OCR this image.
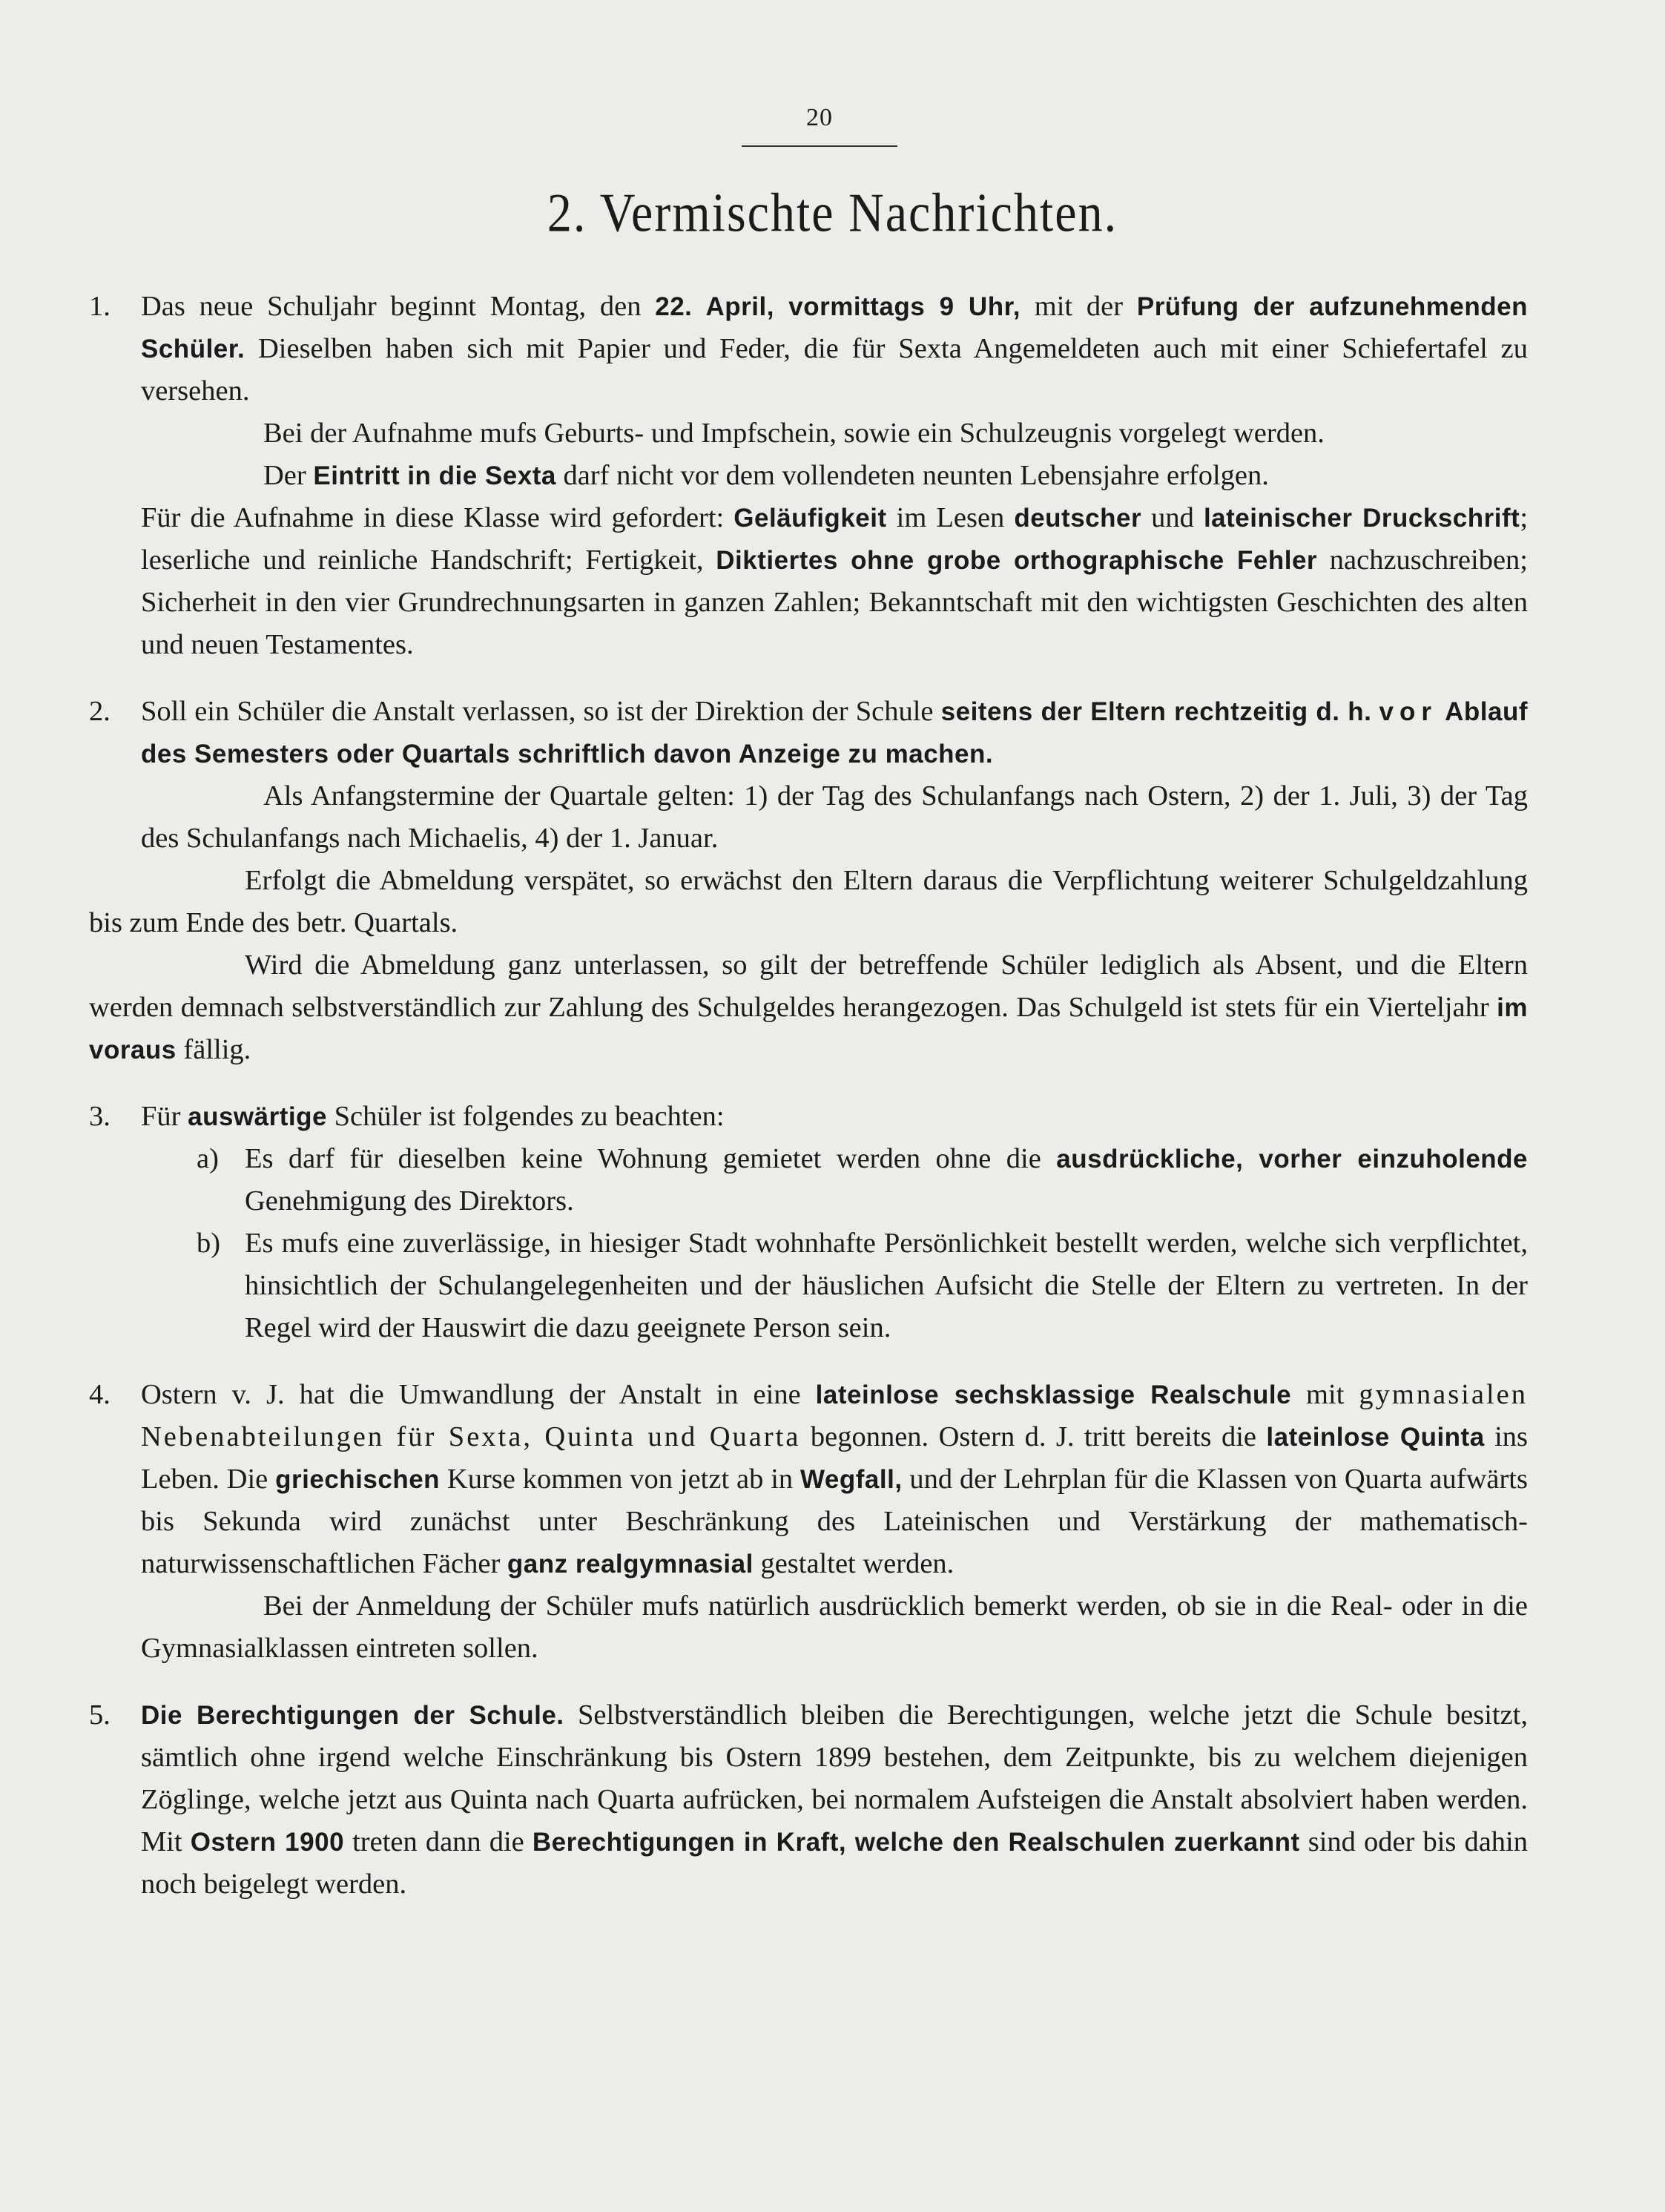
20
2. Vermischte Nachrichten.
1. Das neue Schuljahr beginnt Montag, den 22. April, vormittags 9 Uhr, mit der Prüfung der aufzunehmenden Schüler. Dieselben haben sich mit Papier und Feder, die für Sexta Angemeldeten auch mit einer Schiefertafel zu versehen.

Bei der Aufnahme mufs Geburts- und Impfschein, sowie ein Schulzeugnis vorgelegt werden.

Der Eintritt in die Sexta darf nicht vor dem vollendeten neunten Lebensjahre erfolgen.

Für die Aufnahme in diese Klasse wird gefordert: Geläufigkeit im Lesen deutscher und lateinischer Druckschrift; leserliche und reinliche Handschrift; Fertigkeit, Diktiertes ohne grobe orthographische Fehler nachzuschreiben; Sicherheit in den vier Grundrechnungsarten in ganzen Zahlen; Bekanntschaft mit den wichtigsten Geschichten des alten und neuen Testamentes.

2. Soll ein Schüler die Anstalt verlassen, so ist der Direktion der Schule seitens der Eltern rechtzeitig d. h. vor Ablauf des Semesters oder Quartals schriftlich davon Anzeige zu machen.

Als Anfangstermine der Quartale gelten: 1) der Tag des Schulanfangs nach Ostern, 2) der 1. Juli, 3) der Tag des Schulanfangs nach Michaelis, 4) der 1. Januar.

Erfolgt die Abmeldung verspätet, so erwächst den Eltern daraus die Verpflichtung weiterer Schulgeldzahlung bis zum Ende des betr. Quartals.

Wird die Abmeldung ganz unterlassen, so gilt der betreffende Schüler lediglich als Absent, und die Eltern werden demnach selbstverständlich zur Zahlung des Schulgeldes herangezogen. Das Schulgeld ist stets für ein Vierteljahr im voraus fällig.

3. Für auswärtige Schüler ist folgendes zu beachten:

a) Es darf für dieselben keine Wohnung gemietet werden ohne die ausdrückliche, vorher einzuholende Genehmigung des Direktors.
b) Es mufs eine zuverlässige, in hiesiger Stadt wohnhafte Persönlichkeit bestellt werden, welche sich verpflichtet, hinsichtlich der Schulangelegenheiten und der häuslichen Aufsicht die Stelle der Eltern zu vertreten. In der Regel wird der Hauswirt die dazu geeignete Person sein.
4. Ostern v. J. hat die Umwandlung der Anstalt in eine lateinlose sechsklassige Realschule mit gymnasialen Nebenabteilungen für Sexta, Quinta und Quarta begonnen. Ostern d. J. tritt bereits die lateinlose Quinta ins Leben. Die griechischen Kurse kommen von jetzt ab in Wegfall, und der Lehrplan für die Klassen von Quarta aufwärts bis Sekunda wird zunächst unter Beschränkung des Lateinischen und Verstärkung der mathematisch-naturwissenschaftlichen Fächer ganz realgymnasial gestaltet werden.

Bei der Anmeldung der Schüler mufs natürlich ausdrücklich bemerkt werden, ob sie in die Real- oder in die Gymnasialklassen eintreten sollen.

5. Die Berechtigungen der Schule. Selbstverständlich bleiben die Berechtigungen, welche jetzt die Schule besitzt, sämtlich ohne irgend welche Einschränkung bis Ostern 1899 bestehen, dem Zeitpunkte, bis zu welchem diejenigen Zöglinge, welche jetzt aus Quinta nach Quarta aufrücken, bei normalem Aufsteigen die Anstalt absolviert haben werden. Mit Ostern 1900 treten dann die Berechtigungen in Kraft, welche den Realschulen zuerkannt sind oder bis dahin noch beigelegt werden.
